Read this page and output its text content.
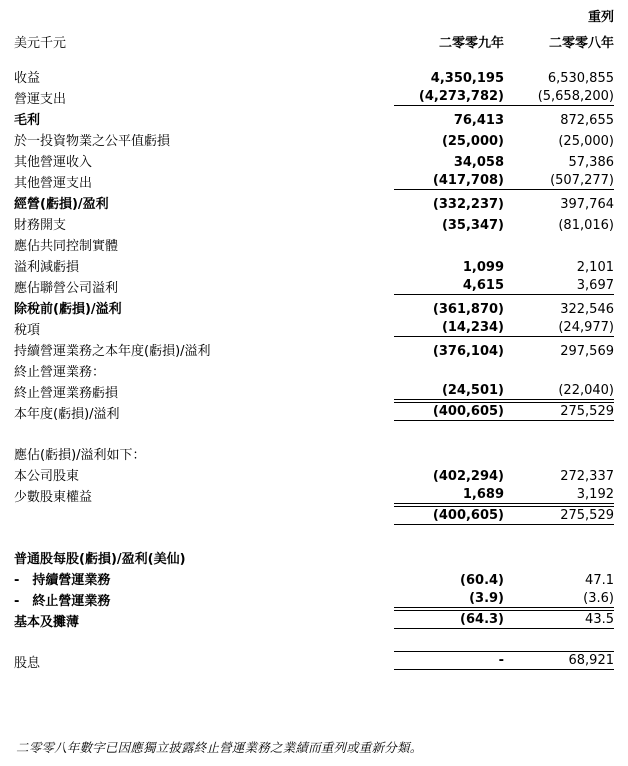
		重列
美元千元	二零零九年	二零零八年

收益	4,350,195	6,530,855
營運支出	(4,273,782)	(5,658,200)

毛利	76,413	872,655
於一投資物業之公平值虧損	(25,000)	(25,000)
其他營運收入	34,058	57,386
其他營運支出	(417,708)	(507,277)

經營(虧損)/盈利	(332,237)	397,764
財務開支	(35,347)	(81,016)
應佔共同控制實體		
溢利減虧損	1,099	2,101
應佔聯營公司溢利	4,615	3,697

除稅前(虧損)/溢利	(361,870)	322,546
稅項	(14,234)	(24,977)

持續營運業務之本年度(虧損)/溢利	(376,104)	297,569
終止營運業務：		
終止營運業務虧損	(24,501)	(22,040)

本年度(虧損)/溢利	(400,605)	275,529

應佔(虧損)/溢利如下：		
本公司股東	(402,294)	272,337
少數股東權益	1,689	3,192

	(400,605)	275,529

普通股每股(虧損)/盈利(美仙)		
-　持續營運業務	(60.4)	47.1
-　終止營運業務	(3.9)	(3.6)

基本及攤薄	(64.3)	43.5

股息	-	68,921
二零零八年數字已因應獨立披露終止營運業務之業績而重列或重新分類。
